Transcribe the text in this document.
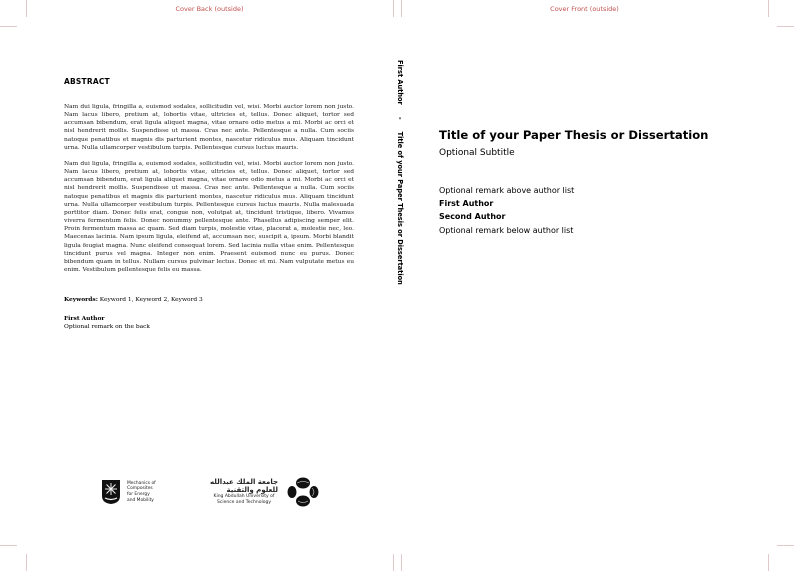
Cover Back (outside)	Cover Front (outside)
ABSTRACT

Nam dui ligula, fringilla a, euismod sodales, sollicitudin vel, wisi. Morbi auctor lorem non justo. Nam lacus libero, pretium at, lobortis vitae, ultricies et, tellus. Donec aliquet, tortor sed accumsan bibendum, erat ligula aliquet magna, vitae ornare odio metus a mi. Morbi ac orci et nisl hendrerit mollis. Suspendisse ut massa. Cras nec ante. Pellentesque a nulla. Cum sociis natoque penatibus et magnis dis parturient montes, nascetur ridiculus mus. Aliquam tincidunt urna. Nulla ullamcorper vestibulum turpis. Pellentesque cursus luctus mauris.

Nam dui ligula, fringilla a, euismod sodales, sollicitudin vel, wisi. Morbi auctor lorem non justo. Nam lacus libero, pretium at, lobortis vitae, ultricies et, tellus. Donec aliquet, tortor sed accumsan bibendum, erat ligula aliquet magna, vitae ornare odio metus a mi. Morbi ac orci et nisl hendrerit mollis. Suspendisse ut massa. Cras nec ante. Pellentesque a nulla. Cum sociis natoque penatibus et magnis dis parturient montes, nascetur ridiculus mus. Aliquam tincidunt urna. Nulla ullamcorper vestibulum turpis. Pellentesque cursus luctus mauris. Nulla malesuada porttitor diam. Donec felis erat, congue non, volutpat at, tincidunt tristique, libero. Vivamus viverra fermentum felis. Donec nonummy pellentesque ante. Phasellus adipiscing semper elit. Proin fermentum massa ac quam. Sed diam turpis, molestie vitae, placerat a, molestie nec, leo. Maecenas lacinia. Nam ipsum ligula, eleifend at, accumsan nec, suscipit a, ipsum. Morbi blandit ligula feugiat magna. Nunc eleifend consequat lorem. Sed lacinia nulla vitae enim. Pellentesque tincidunt purus vel magna. Integer non enim. Praesent euismod nunc eu purus. Donec bibendum quam in tellus. Nullam cursus pulvinar lectus. Donec et mi. Nam vulputate metus eu enim. Vestibulum pellentesque felis eu massa.

Keywords: Keyword 1, Keyword 2, Keyword 3
First Author
Optional remark on the back
Mechanics of
Composites
for Energy
and Mobility
جامعة الملك عبدالله
للعلوم والتقنية
King Abdullah University of
Science and Technology
First Author-Title of your Paper Thesis or Dissertation	Title of your Paper Thesis or Dissertation
Optional Subtitle
Optional remark above author list
First Author
Second Author
Optional remark below author list
